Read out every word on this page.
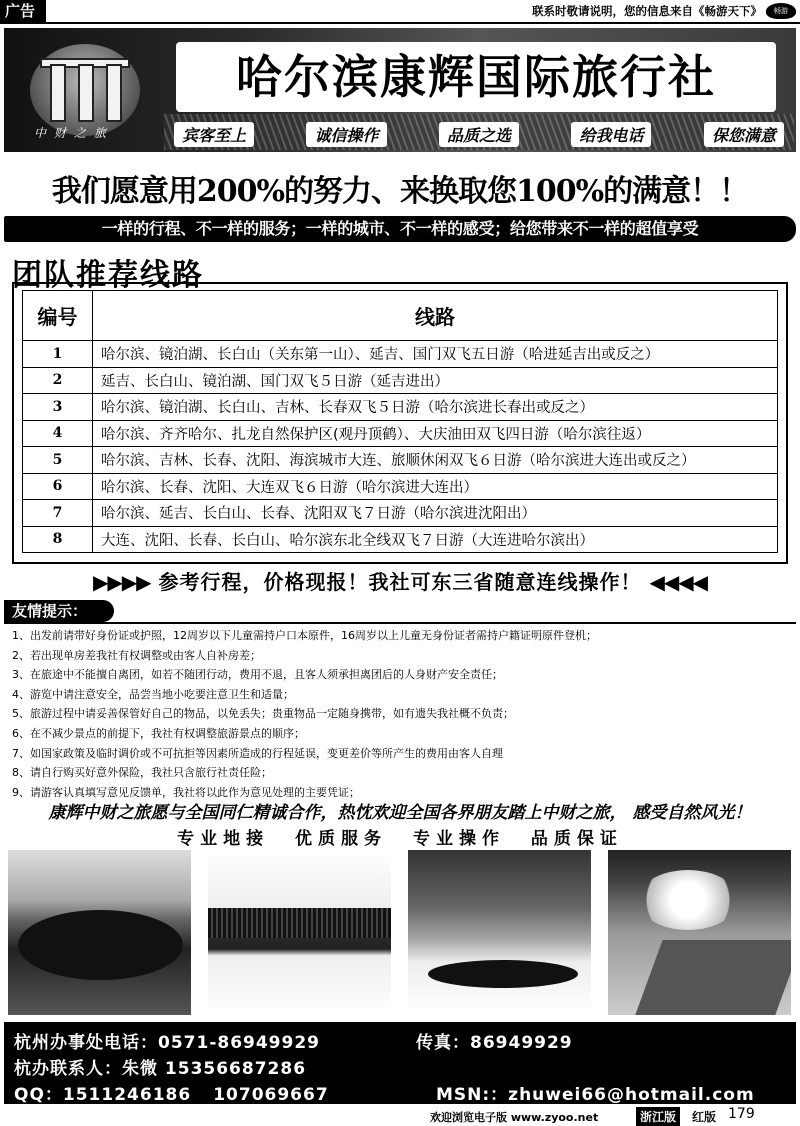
广告	联系时敬请说明，您的信息来自《畅游天下》	畅游
中财之旅
哈尔滨康辉国际旅行社
宾客至上	诚信操作	品质之选	给我电话	保您满意
我们愿意用200%的努力、来换取您100%的满意！！
一样的行程、不一样的服务；一样的城市、不一样的感受；给您带来不一样的超值享受
团队推荐线路
编号	线路
1	哈尔滨、镜泊湖、长白山（关东第一山）、延吉、国门双飞五日游（哈进延吉出或反之）
2	延吉、长白山、镜泊湖、国门双飞５日游（延吉进出）
3	哈尔滨、镜泊湖、长白山、吉林、长春双飞５日游（哈尔滨进长春出或反之）
4	哈尔滨、齐齐哈尔、扎龙自然保护区(观丹顶鹤）、大庆油田双飞四日游（哈尔滨往返）
5	哈尔滨、吉林、长春、沈阳、海滨城市大连、旅顺休闲双飞６日游（哈尔滨进大连出或反之）
6	哈尔滨、长春、沈阳、大连双飞６日游（哈尔滨进大连出）
7	哈尔滨、延吉、长白山、长春、沈阳双飞７日游（哈尔滨进沈阳出）
8	大连、沈阳、长春、长白山、哈尔滨东北全线双飞７日游（大连进哈尔滨出）
▶▶▶▶ 参考行程，价格现报！我社可东三省随意连线操作！ ◀◀◀◀
友情提示：
1、出发前请带好身份证或护照，12周岁以下儿童需持户口本原件，16周岁以上儿童无身份证者需持户籍证明原件登机；
2、若出现单房差我社有权调整或由客人自补房差；
3、在旅途中不能擅自离团，如若不随团行动，费用不退，且客人须承担离团后的人身财产安全责任；
4、游览中请注意安全，品尝当地小吃要注意卫生和适量；
5、旅游过程中请妥善保管好自己的物品，以免丢失；贵重物品一定随身携带，如有遗失我社概不负责；
6、在不减少景点的前提下，我社有权调整旅游景点的顺序；
7、如国家政策及临时调价或不可抗拒等因素所造成的行程延误，变更差价等所产生的费用由客人自理
8、请自行购买好意外保险，我社只含旅行社责任险；
9、请游客认真填写意见反馈单，我社将以此作为意见处理的主要凭证；
康辉中财之旅愿与全国同仁精诚合作，热忱欢迎全国各界朋友踏上中财之旅， 感受自然风光！
专业地接 优质服务 专业操作 品质保证
杭州办事处电话：0571-86949929	传真：86949929
杭办联系人：朱微 15356687286
QQ：1511246186 107069667	MSN:：zhuwei66@hotmail.com
欢迎浏览电子版 www.zyoo.net	浙江版	红版 179
